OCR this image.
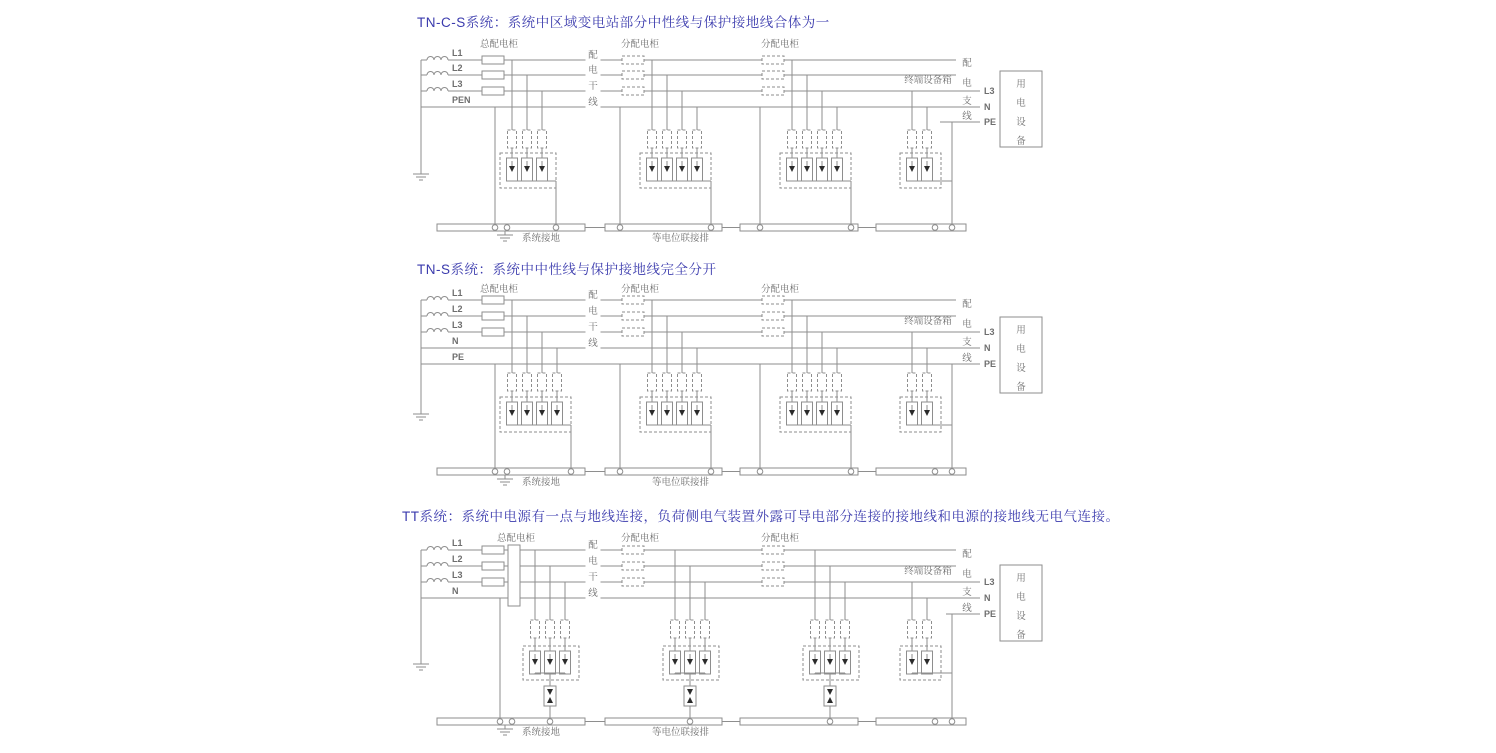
TN-C-S系统：系统中区域变电站部分中性线与保护接地线合体为一
TN-S系统：系统中中性线与保护接地线完全分开
TT系统：系统中电源有一点与地线连接，负荷侧电气装置外露可导电部分连接的接地线和电源的接地线无电气连接。
L1
L2
L3
PEN
配
电
干
线
总配电柜	分配电柜	分配电柜
L3
N
PE
配
电
支
线
终端设备箱	用
电
设
备
系统接地	等电位联接排
L1
L2
L3
N
PE
配
电
干
线
总配电柜	分配电柜	分配电柜
L3
N
PE
配
电
支
线
终端设备箱
用
电
设
备
系统接地	等电位联接排
L1
L2
L3
N
配
电
干
线
总配电柜	分配电柜	分配电柜
L3
N
PE
配
电
支
线
终端设备箱
用
电
设
备
系统接地	等电位联接排
